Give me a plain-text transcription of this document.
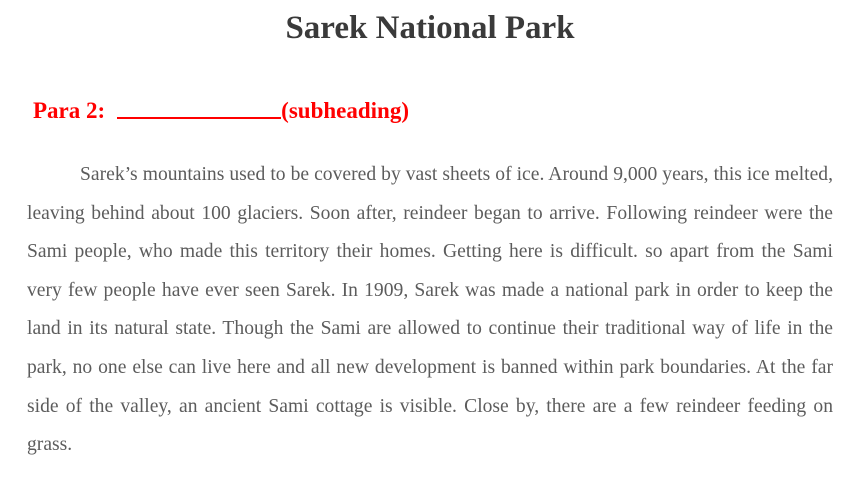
Sarek National Park
Para 2:	(subheading)

Sarek’s mountains used to be covered by vast sheets of ice. Around 9,000 years, this ice melted, leaving behind about 100 glaciers. Soon after, reindeer began to arrive. Following reindeer were the Sami people, who made this territory their homes. Getting here is difficult. so apart from the Sami very few people have ever seen Sarek. In 1909, Sarek was made a national park in order to keep the land in its natural state. Though the Sami are allowed to continue their traditional way of life in the park, no one else can live here and all new development is banned within park boundaries. At the far side of the valley, an ancient Sami cottage is visible. Close by, there are a few reindeer feeding on grass.
